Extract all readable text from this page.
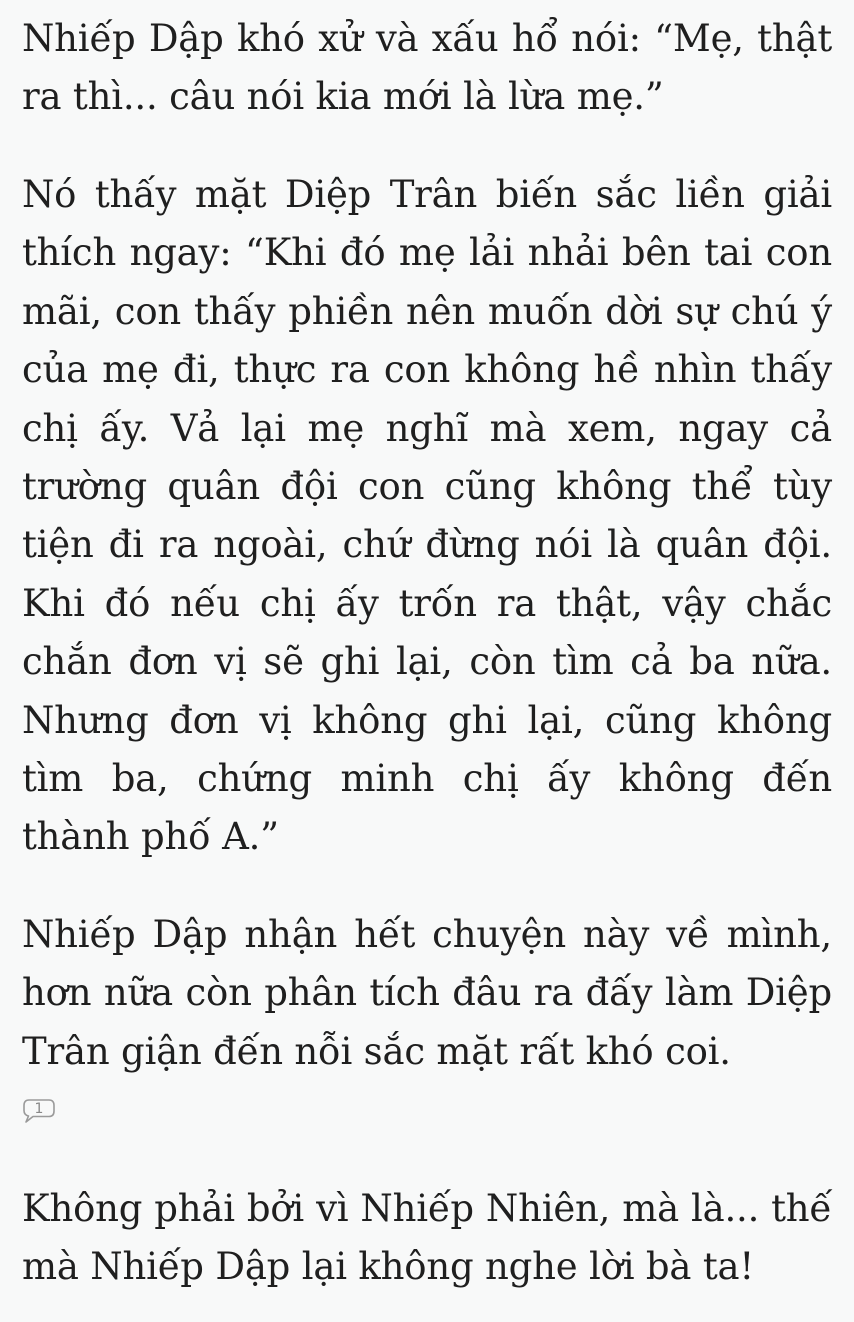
Nhiếp Dập khó xử và xấu hổ nói: “Mẹ, thật ra thì... câu nói kia mới là lừa mẹ.”

Nó thấy mặt Diệp Trân biến sắc liền giải thích ngay: “Khi đó mẹ lải nhải bên tai con mãi, con thấy phiền nên muốn dời sự chú ý của mẹ đi, thực ra con không hề nhìn thấy chị ấy. Vả lại mẹ nghĩ mà xem, ngay cả trường quân đội con cũng không thể tùy tiện đi ra ngoài, chứ đừng nói là quân đội. Khi đó nếu chị ấy trốn ra thật, vậy chắc chắn đơn vị sẽ ghi lại, còn tìm cả ba nữa. Nhưng đơn vị không ghi lại, cũng không tìm ba, chứng minh chị ấy không đến thành phố A.”

Nhiếp Dập nhận hết chuyện này về mình, hơn nữa còn phân tích đâu ra đấy làm Diệp Trân giận đến nỗi sắc mặt rất khó coi.

1

Không phải bởi vì Nhiếp Nhiên, mà là... thế mà Nhiếp Dập lại không nghe lời bà ta!
